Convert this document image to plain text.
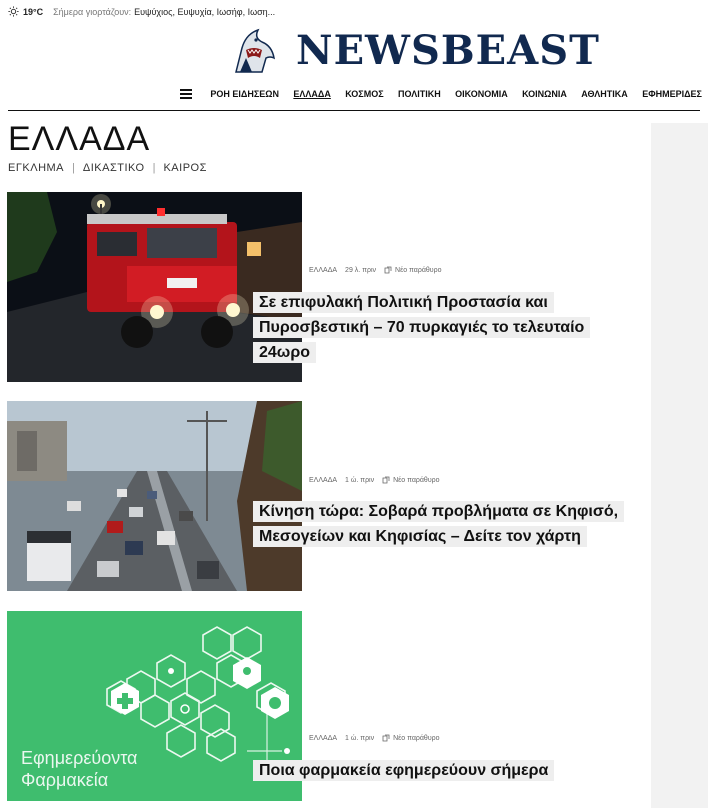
19°C Σήμερα γιορτάζουν: Ευψύχιος, Ευψυχία, Ιωσήφ, Ιωση...
NEWSBEAST
ΡΟΗ ΕΙΔΗΣΕΩΝ ΕΛΛΑΔΑ ΚΟΣΜΟΣ ΠΟΛΙΤΙΚΗ ΟΙΚΟΝΟΜΙΑ ΚΟΙΝΩΝΙΑ ΑΘΛΗΤΙΚΑ ΕΦΗΜΕΡΙΔΕΣ
ΕΛΛΑΔΑ
ΕΓΚΛΗΜΑ | ΔΙΚΑΣΤΙΚΟ | ΚΑΙΡΟΣ
ΕΛΛΑΔΑ 29 λ. πριν	Νέο παράθυρο
Σε επιφυλακή Πολιτική Προστασία και Πυροσβεστική – 70 πυρκαγιές το τελευταίο 24ωρο
ΕΛΛΑΔΑ 1 ώ. πριν	Νέο παράθυρο
Κίνηση τώρα: Σοβαρά προβλήματα σε Κηφισό, Μεσογείων και Κηφισίας – Δείτε τον χάρτη
Εφημερεύοντα
Φαρμακεία
ΕΛΛΑΔΑ 1 ώ. πριν	Νέο παράθυρο
Ποια φαρμακεία εφημερεύουν σήμερα
